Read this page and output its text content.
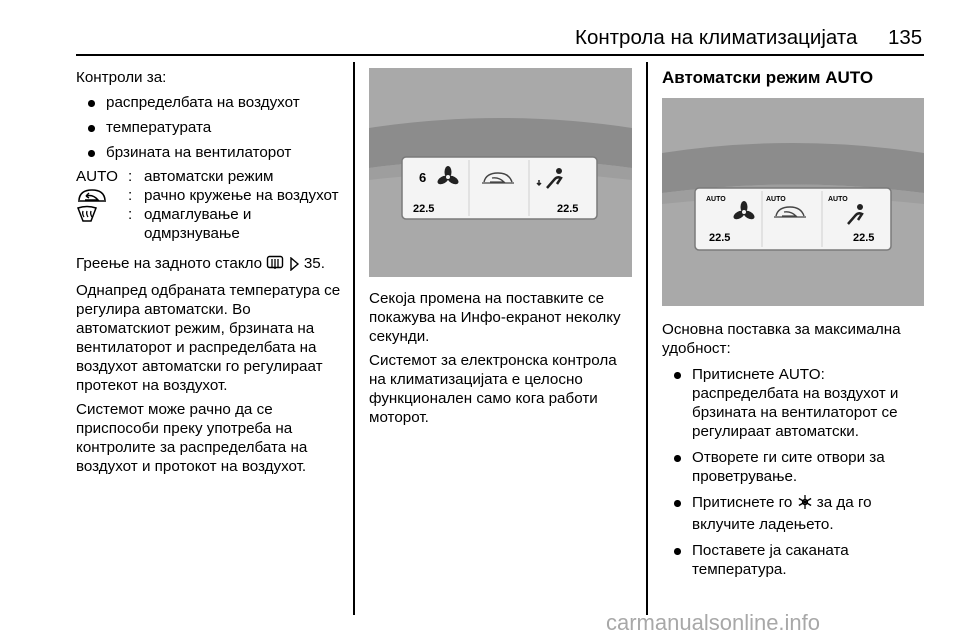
Контрола на климатизацијата 135

Контроли за:

распределбата на воздухот
температурата
брзината на вентилаторот
AUTO : автоматски режим
: рачно кружење на воздухот
: одмаглување и одмрзнување

Греење на задното стакло	35.

Однапред одбраната температура се регулира автоматски. Во автоматскиот режим, брзината на вентилаторот и распределбата на воздухот автоматски го регулираат протекот на воздухот.

Системот може рачно да се приспособи преку употреба на контролите за распределбата на воздухот и протокот на воздухот.

6
22.5	22.5

Секоја промена на поставките се покажува на Инфо-екранот неколку секунди.

Системот за електронска контрола на климатизацијата е целосно функционален само кога работи моторот.

Автоматски режим AUTO
AUTO	AUTO	AUTO
22.5	22.5

Основна поставка за максимална удобност:

Притиснете AUTO: распределбата на воздухот и брзината на вентилаторот се регулираат автоматски.
Отворете ги сите отвори за проветрување.
Притиснете го за да го вклучите ладењето.
Поставете ја саканата температура.
carmanualsonline.info
